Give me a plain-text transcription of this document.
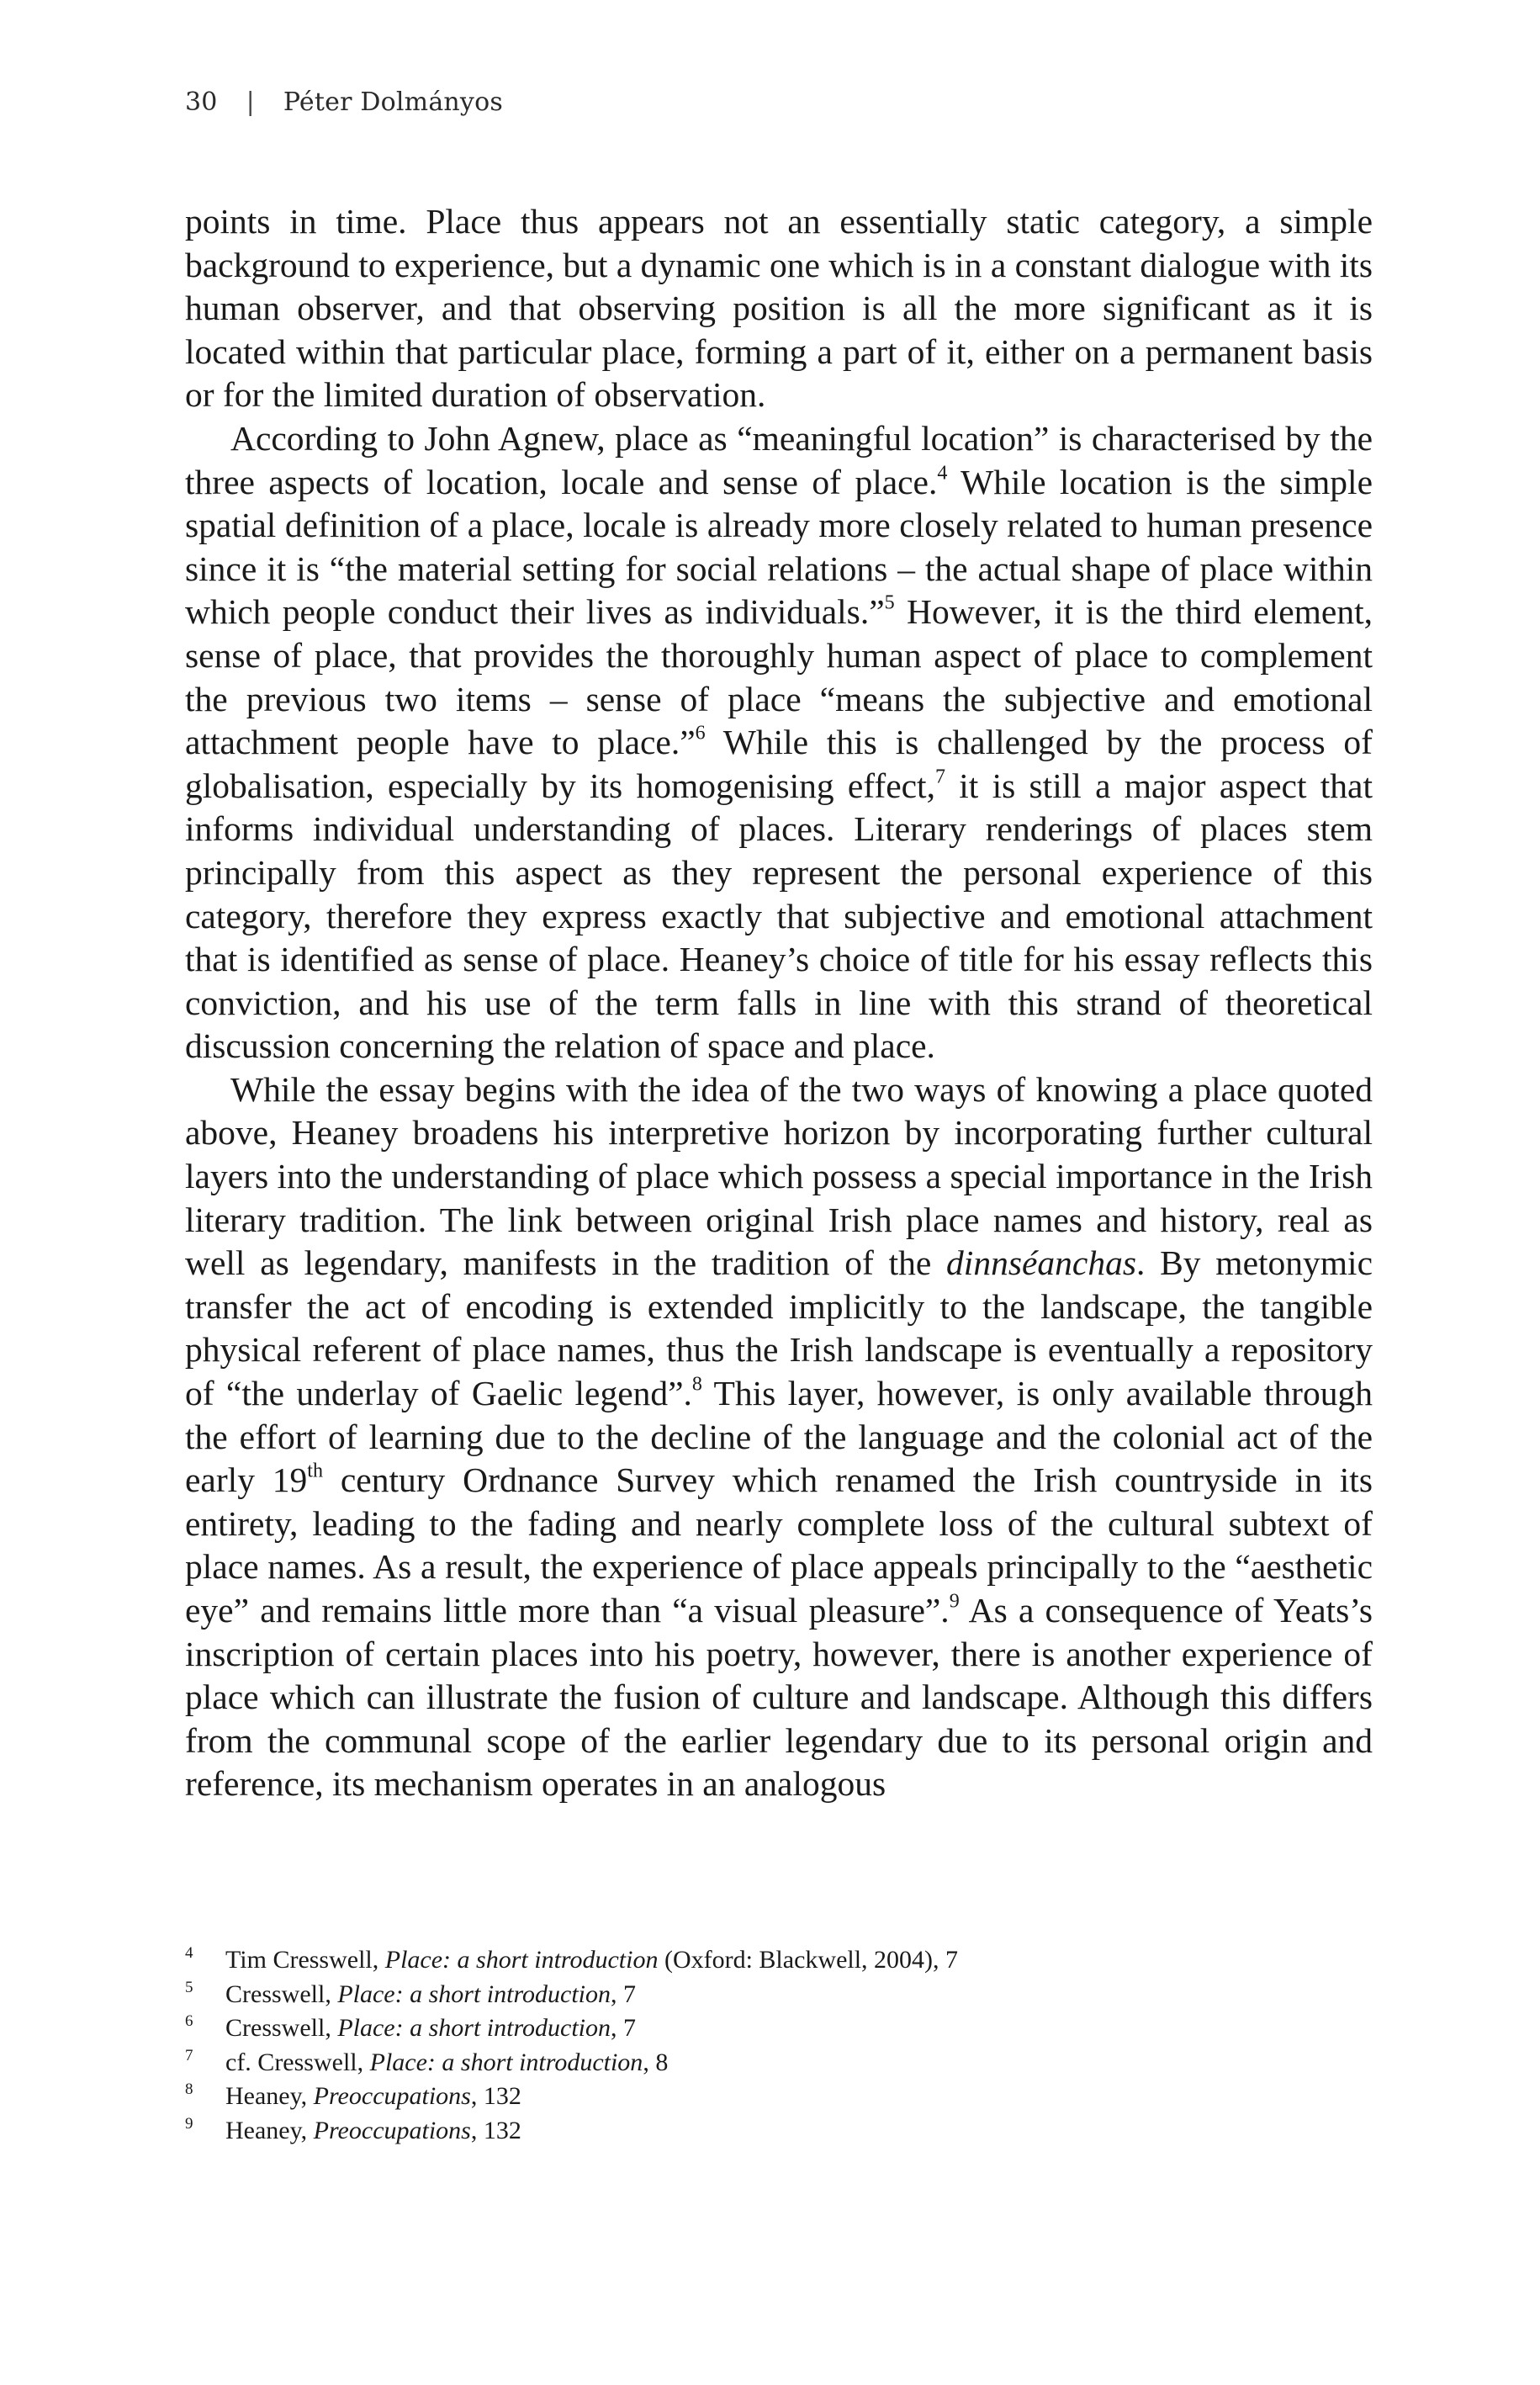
30 | Péter Dolmányos

points in time. Place thus appears not an essentially static category, a simple background to experience, but a dynamic one which is in a constant dialogue with its human observer, and that observing position is all the more significant as it is located within that particular place, forming a part of it, either on a permanent basis or for the limited duration of observation.

According to John Agnew, place as “meaningful location” is characterised by the three aspects of location, locale and sense of place.$^4$ While location is the simple spatial definition of a place, locale is already more closely related to human presence since it is “the material setting for social relations – the actual shape of place within which people conduct their lives as individuals.”$^5$ However, it is the third element, sense of place, that provides the thoroughly human aspect of place to complement the previous two items – sense of place “means the subjective and emotional attachment people have to place.”$^6$ While this is challenged by the process of globalisation, especially by its homogenising effect,$^7$ it is still a major aspect that informs individual understanding of places. Literary renderings of places stem principally from this aspect as they represent the personal experience of this category, therefore they express exactly that subjective and emotional attachment that is identified as sense of place. Heaney’s choice of title for his essay reflects this conviction, and his use of the term falls in line with this strand of theoretical discussion concerning the relation of space and place.

While the essay begins with the idea of the two ways of knowing a place quoted above, Heaney broadens his interpretive horizon by incorporating further cultural layers into the understanding of place which possess a special importance in the Irish literary tradition. The link between original Irish place names and history, real as well as legendary, manifests in the tradition of the dinnséanchas. By metonymic transfer the act of encoding is extended implicitly to the landscape, the tangible physical referent of place names, thus the Irish landscape is eventually a repository of “the underlay of Gaelic legend”.$^8$ This layer, however, is only available through the effort of learning due to the decline of the language and the colonial act of the early 19th century Ordnance Survey which renamed the Irish countryside in its entirety, leading to the fading and nearly complete loss of the cultural subtext of place names. As a result, the experience of place appeals principally to the “aesthetic eye” and remains little more than “a visual pleasure”.$^9$ As a consequence of Yeats’s inscription of certain places into his poetry, however, there is another experience of place which can illustrate the fusion of culture and landscape. Although this differs from the communal scope of the earlier legendary due to its personal origin and reference, its mechanism operates in an analogous

4	Tim Cresswell, Place: a short introduction (Oxford: Blackwell, 2004), 7
5	Cresswell, Place: a short introduction, 7
6	Cresswell, Place: a short introduction, 7
7	cf. Cresswell, Place: a short introduction, 8
8	Heaney, Preoccupations, 132
9	Heaney, Preoccupations, 132
